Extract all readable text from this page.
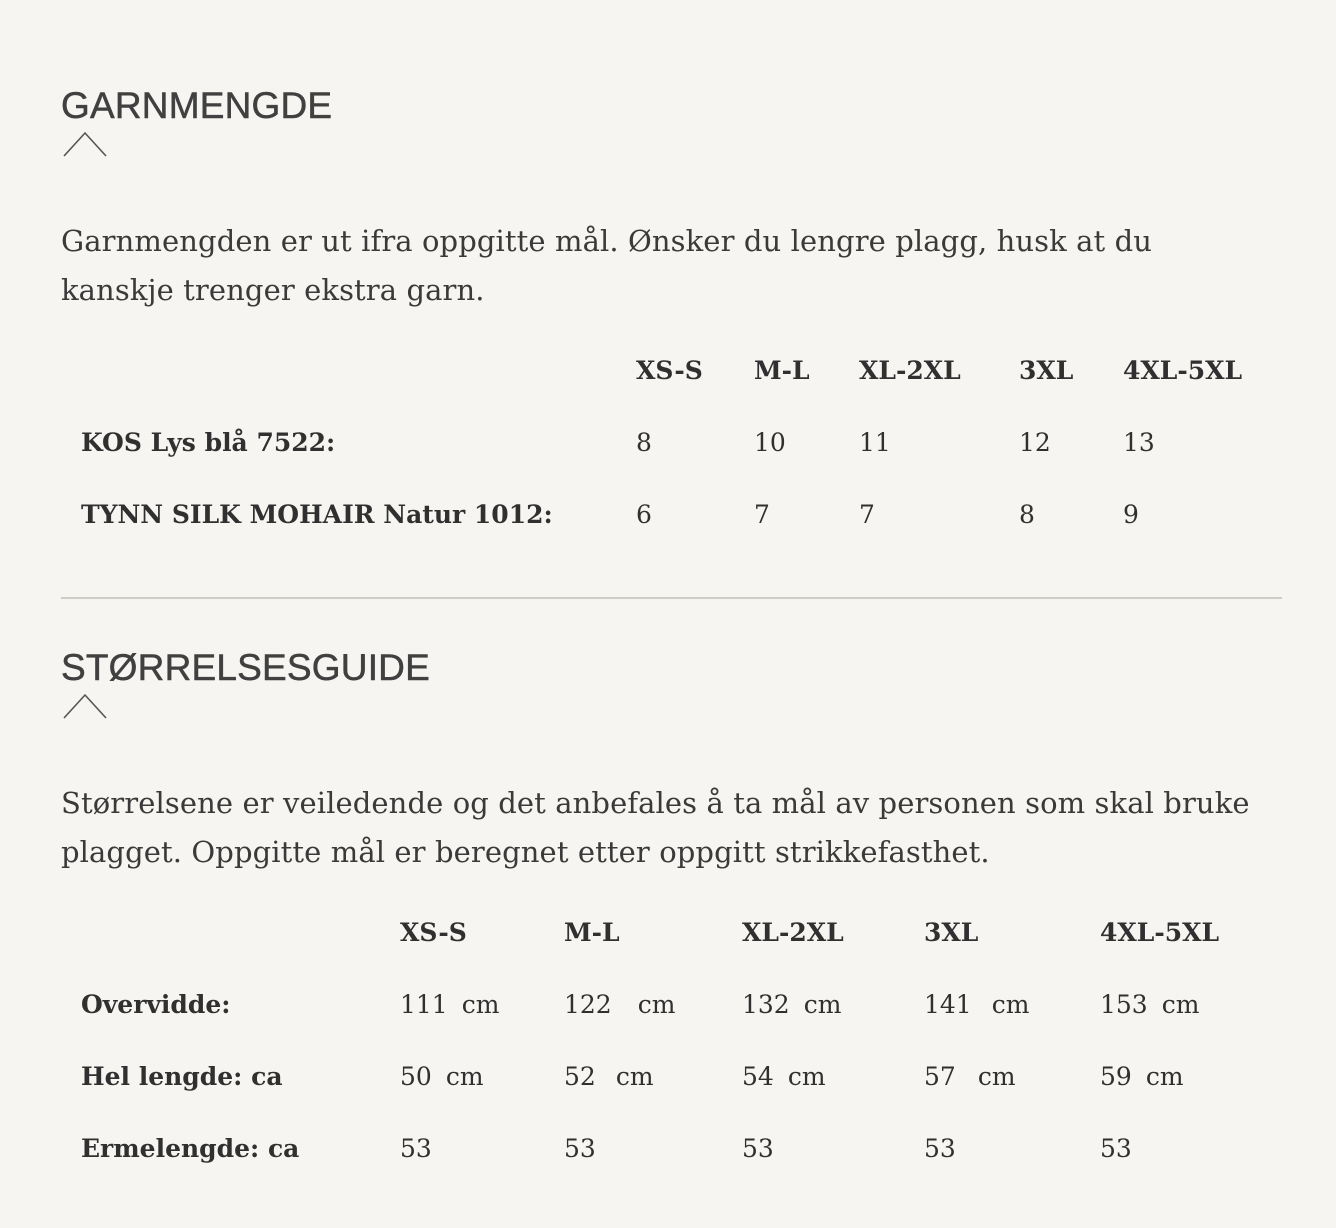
GARNMENGDE

Garnmengden er ut ifra oppgitte mål. Ønsker du lengre plagg, husk at du kanskje trenger ekstra garn.

	XS-S	M-L	XL-2XL	3XL	4XL-5XL
KOS Lys blå 7522:	8	10	11	12	13
TYNN SILK MOHAIR Natur 1012:	6	7	7	8	9
STØRRELSESGUIDE

Størrelsene er veiledende og det anbefales å ta mål av personen som skal bruke plagget. Oppgitte mål er beregnet etter oppgitt strikkefasthet.

	XS-S	M-L	XL-2XL	3XL	4XL-5XL
Overvidde:	111 cm	122 cm	132 cm	141 cm	153 cm
Hel lengde: ca	50 cm	52 cm	54 cm	57 cm	59 cm
Ermelengde: ca	53	53	53	53	53
